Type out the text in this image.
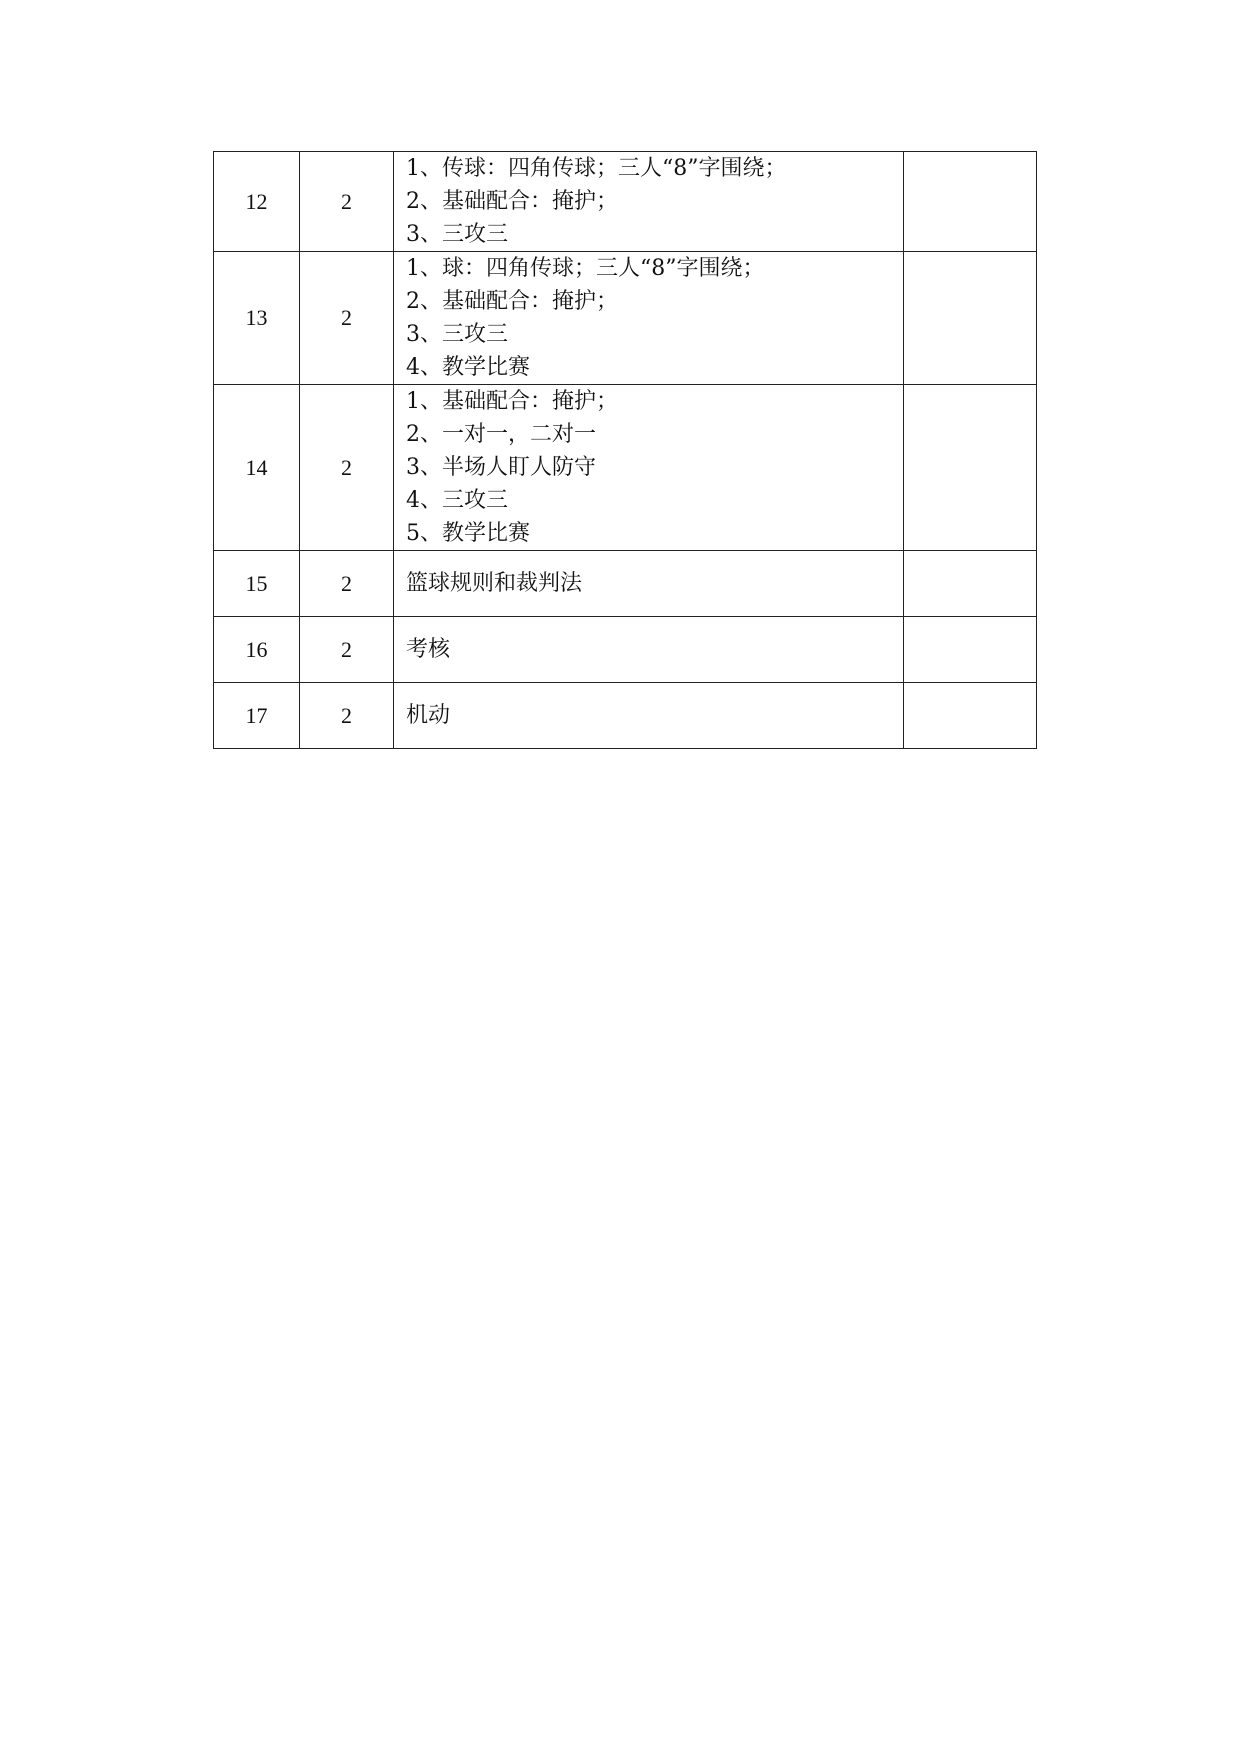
12	2	1、传球：四角传球；三人“8”字围绕；
2、基础配合：掩护；
3、三攻三	

13	2	1、球：四角传球；三人“8”字围绕；
2、基础配合：掩护；
3、三攻三
4、教学比赛	

14	2	1、基础配合：掩护；
2、一对一，二对一
3、半场人盯人防守
4、三攻三
5、教学比赛	

15	2	篮球规则和裁判法	

16	2	考核	

17	2	机动	
